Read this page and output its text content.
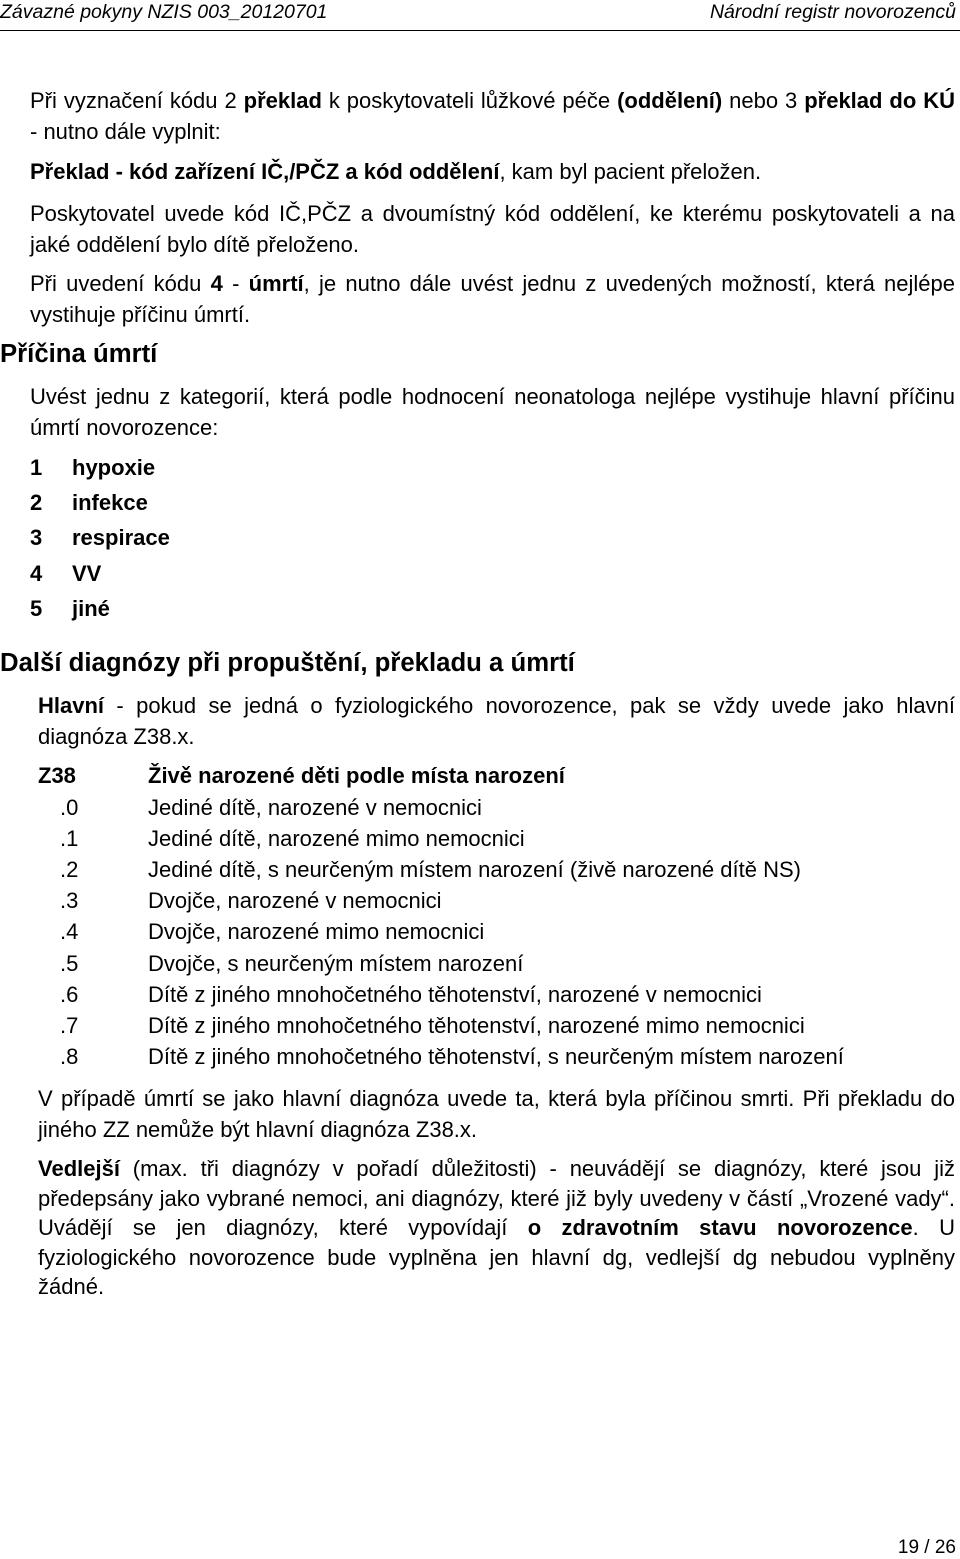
Závazné pokyny NZIS 003_20120701	Národní registr novorozenců

Při vyznačení kódu 2 překlad k poskytovateli lůžkové péče (oddělení) nebo 3 překlad do KÚ - nutno dále vyplnit:

Překlad - kód zařízení IČ,/PČZ a kód oddělení, kam byl pacient přeložen.

Poskytovatel uvede kód IČ,PČZ a dvoumístný kód oddělení, ke kterému poskytovateli a na jaké oddělení bylo dítě přeloženo.

Při uvedení kódu 4 - úmrtí, je nutno dále uvést jednu z uvedených možností, která nejlépe vystihuje příčinu úmrtí.

Příčina úmrtí

Uvést jednu z kategorií, která podle hodnocení neonatologa nejlépe vystihuje hlavní příčinu úmrtí novorozence:

1 hypoxie
2 infekce
3 respirace
4 VV
5 jiné
Další diagnózy při propuštění, překladu a úmrtí

Hlavní - pokud se jedná o fyziologického novorozence, pak se vždy uvede jako hlavní diagnóza Z38.x.

Z38	Živě narozené děti podle místa narození
.0	Jediné dítě, narozené v nemocnici
.1	Jediné dítě, narozené mimo nemocnici
.2	Jediné dítě, s neurčeným místem narození (živě narozené dítě NS)
.3	Dvojče, narozené v nemocnici
.4	Dvojče, narozené mimo nemocnici
.5	Dvojče, s neurčeným místem narození
.6	Dítě z jiného mnohočetného těhotenství, narozené v nemocnici
.7	Dítě z jiného mnohočetného těhotenství, narozené mimo nemocnici
.8	Dítě z jiného mnohočetného těhotenství, s neurčeným místem narození

V případě úmrtí se jako hlavní diagnóza uvede ta, která byla příčinou smrti. Při překladu do jiného ZZ nemůže být hlavní diagnóza Z38.x.

Vedlejší (max. tři diagnózy v pořadí důležitosti) - neuvádějí se diagnózy, které jsou již předepsány jako vybrané nemoci, ani diagnózy, které již byly uvedeny v částí „Vrozené vady“. Uvádějí se jen diagnózy, které vypovídají o zdravotním stavu novorozence. U fyziologického novorozence bude vyplněna jen hlavní dg, vedlejší dg nebudou vyplněny žádné.

19 / 26
